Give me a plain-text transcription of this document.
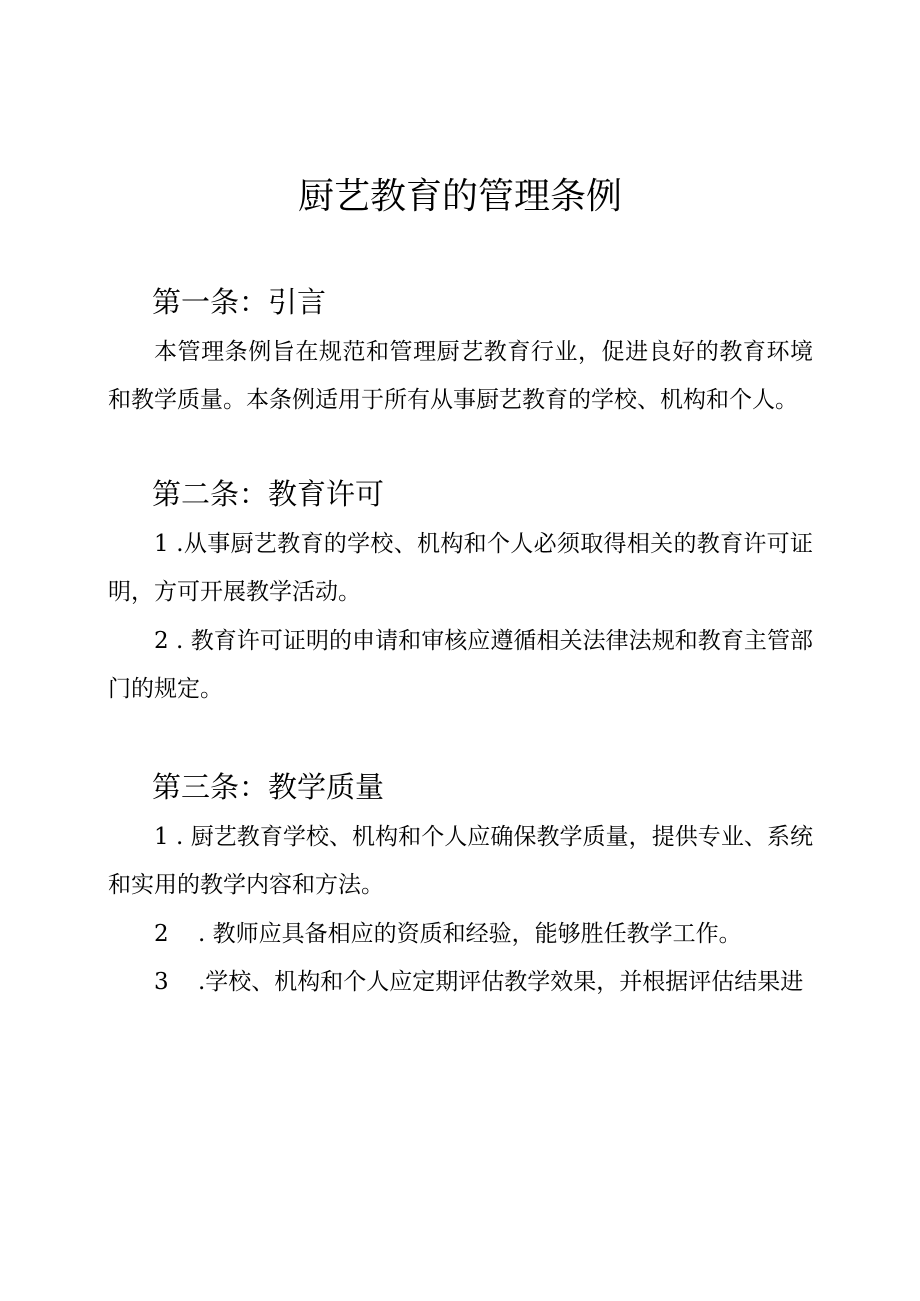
厨艺教育的管理条例
第一条：引言
本管理条例旨在规范和管理厨艺教育行业，促进良好的教育环境和教学质量。本条例适用于所有从事厨艺教育的学校、机构和个人。
第二条：教育许可
1 .从事厨艺教育的学校、机构和个人必须取得相关的教育许可证明，方可开展教学活动。
2 . 教育许可证明的申请和审核应遵循相关法律法规和教育主管部门的规定。
第三条：教学质量
1 . 厨艺教育学校、机构和个人应确保教学质量，提供专业、系统和实用的教学内容和方法。
2 . 教师应具备相应的资质和经验，能够胜任教学工作。
3 .学校、机构和个人应定期评估教学效果，并根据评估结果进
